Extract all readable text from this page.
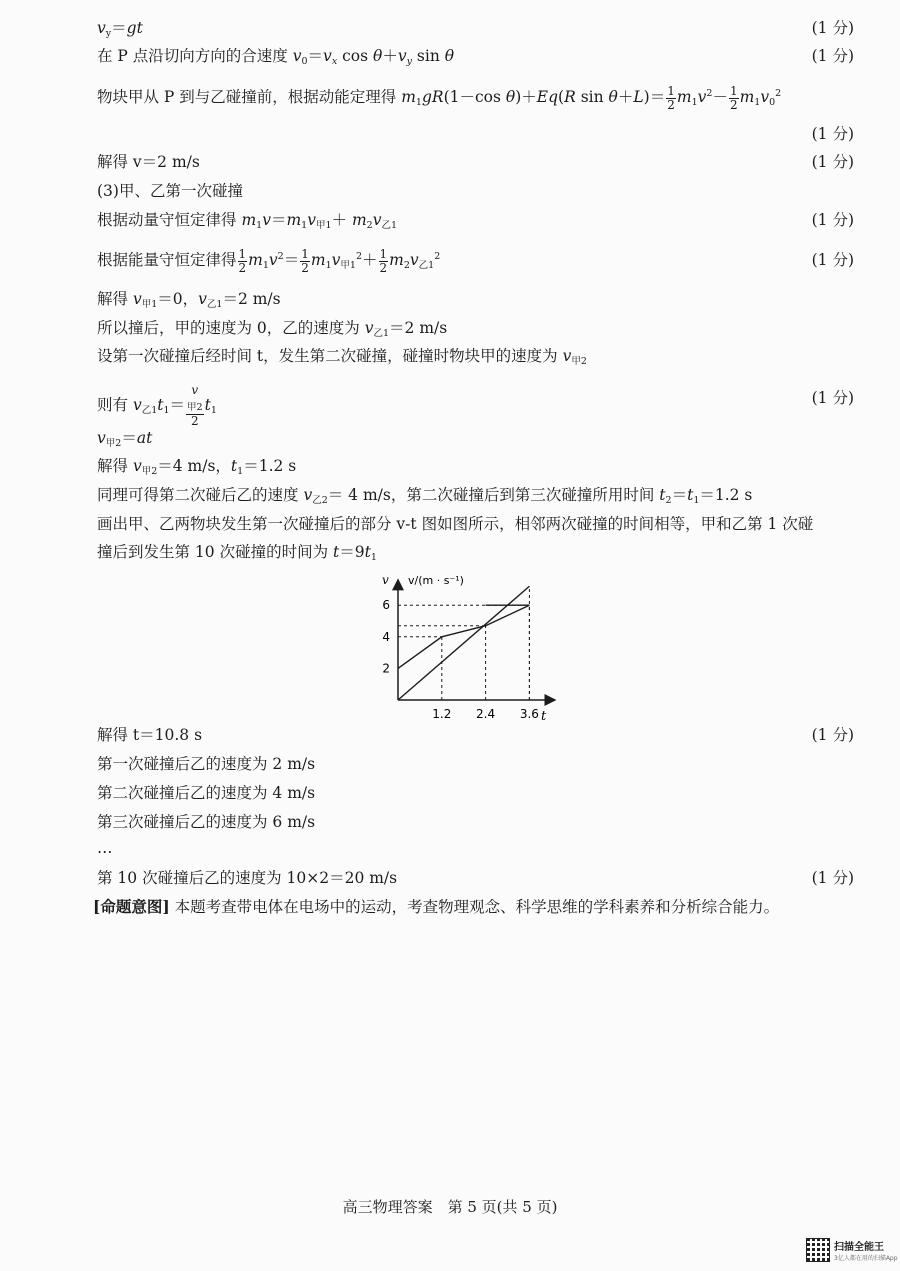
$v_y=gt$	(1 分)
在 P 点沿切向方向的合速度 $v_0=v_x$ $\cos \theta+v_y$ sin θ	(1 分)
物块甲从 P 到与乙碰撞前，根据动能定理得 $m_1gR(1-\cos$ θ)＋Eq(R $\sin \theta+L)= \frac{1}{2} m_1v^2- \frac{1}{2} m_1v_0^2$
(1 分)
解得 v＝2 m/s	(1 分)
(3)甲、乙第一次碰撞
根据动量守恒定律得 $m_1v=m_1v_{甲1}+ m_2v_{乙1}$	(1 分)
根据能量守恒定律得 $\frac{1}{2} m_1v^2= \frac{1}{2} m_1v_{甲1}^2+ \frac{1}{2} m_2v_{乙1}^2$	(1 分)
解得 $v_{甲1}=0$，$v_{乙1}=2$ m/s
所以撞后，甲的速度为 0，乙的速度为 $v_{乙1}=2$ m/s
设第一次碰撞后经时间 t，发生第二次碰撞，碰撞时物块甲的速度为 $v_{甲2}$
则有 $v_{乙1}t_1=$
v
$_{甲2}$
2
$t_1$
(1 分)
$v_{甲2}=at$
解得 $v_{甲2}=4$ m/s，$t_1=1.2$ s
同理可得第二次碰后乙的速度 $v_{乙2}= 4$ m/s，第二次碰撞后到第三次碰撞所用时间 $t_2=t_1=1.2$ s
画出甲、乙两物块发生第一次碰撞后的部分 v-t 图如图所示，相邻两次碰撞的时间相等，甲和乙第 1 次碰
撞后到发生第 10 次碰撞的时间为 $t=9t_1$
t
v v/(m · s⁻¹)
1.2 2.4 3.6
2
4
6
解得 t＝10.8 s	(1 分)
第一次碰撞后乙的速度为 2 m/s
第二次碰撞后乙的速度为 4 m/s
第三次碰撞后乙的速度为 6 m/s
…
第 10 次碰撞后乙的速度为 10×2＝20 m/s	(1 分)
[命题意图] 本题考查带电体在电场中的运动，考查物理观念、科学思维的学科素养和分析综合能力。
高三物理答案　第 5 页(共 5 页)
扫描全能王
3亿人都在用的扫描App
